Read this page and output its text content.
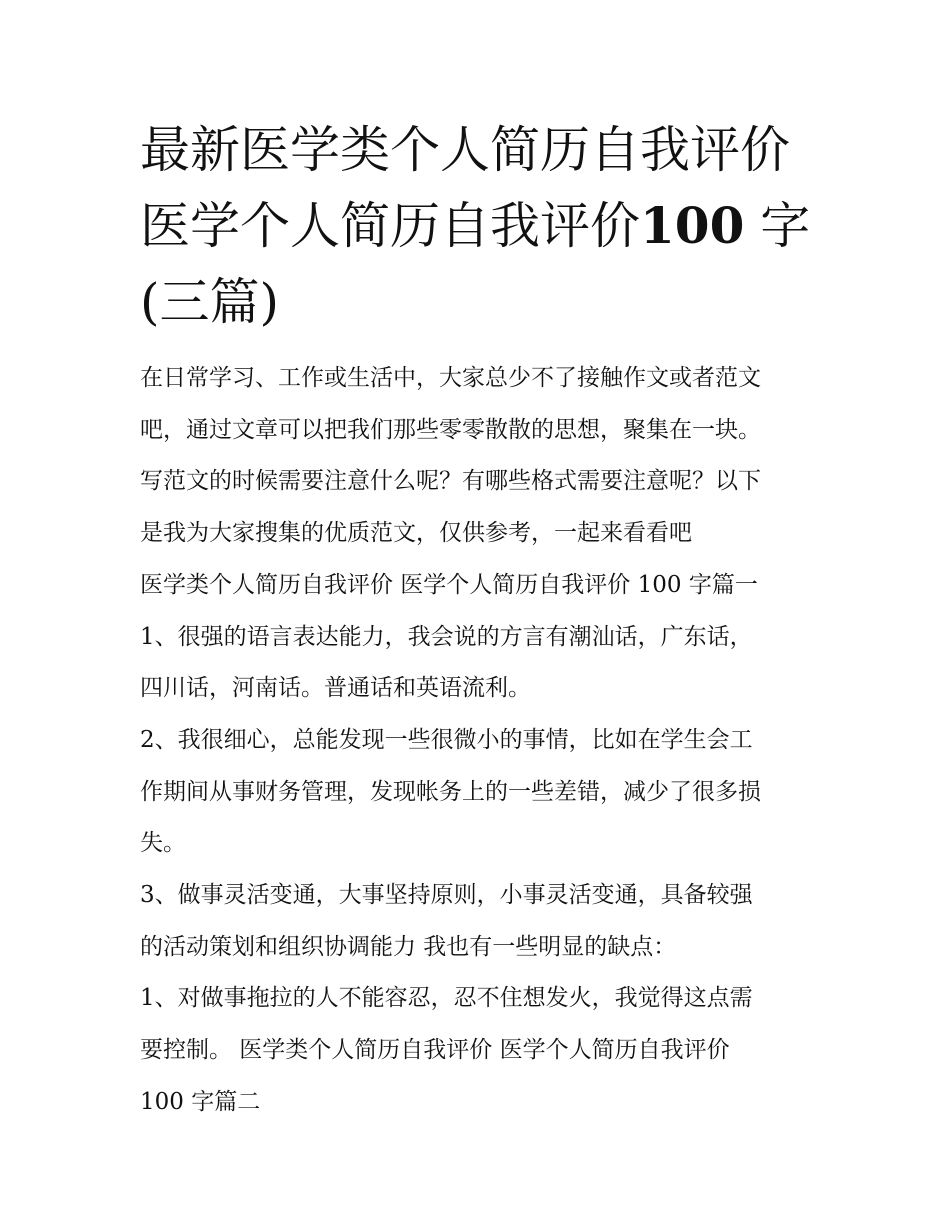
最新医学类个人简历自我评价
医学个人简历自我评价100 字
(三篇)
在日常学习、工作或生活中，大家总少不了接触作文或者范文
吧，通过文章可以把我们那些零零散散的思想，聚集在一块。
写范文的时候需要注意什么呢？有哪些格式需要注意呢？以下
是我为大家搜集的优质范文，仅供参考，一起来看看吧
医学类个人简历自我评价 医学个人简历自我评价 100 字篇一
1、很强的语言表达能力，我会说的方言有潮汕话，广东话，
四川话，河南话。普通话和英语流利。
2、我很细心，总能发现一些很微小的事情，比如在学生会工
作期间从事财务管理，发现帐务上的一些差错，减少了很多损
失。
3、做事灵活变通，大事坚持原则，小事灵活变通，具备较强
的活动策划和组织协调能力 我也有一些明显的缺点：
1、对做事拖拉的人不能容忍，忍不住想发火，我觉得这点需
要控制。 医学类个人简历自我评价 医学个人简历自我评价
100 字篇二
